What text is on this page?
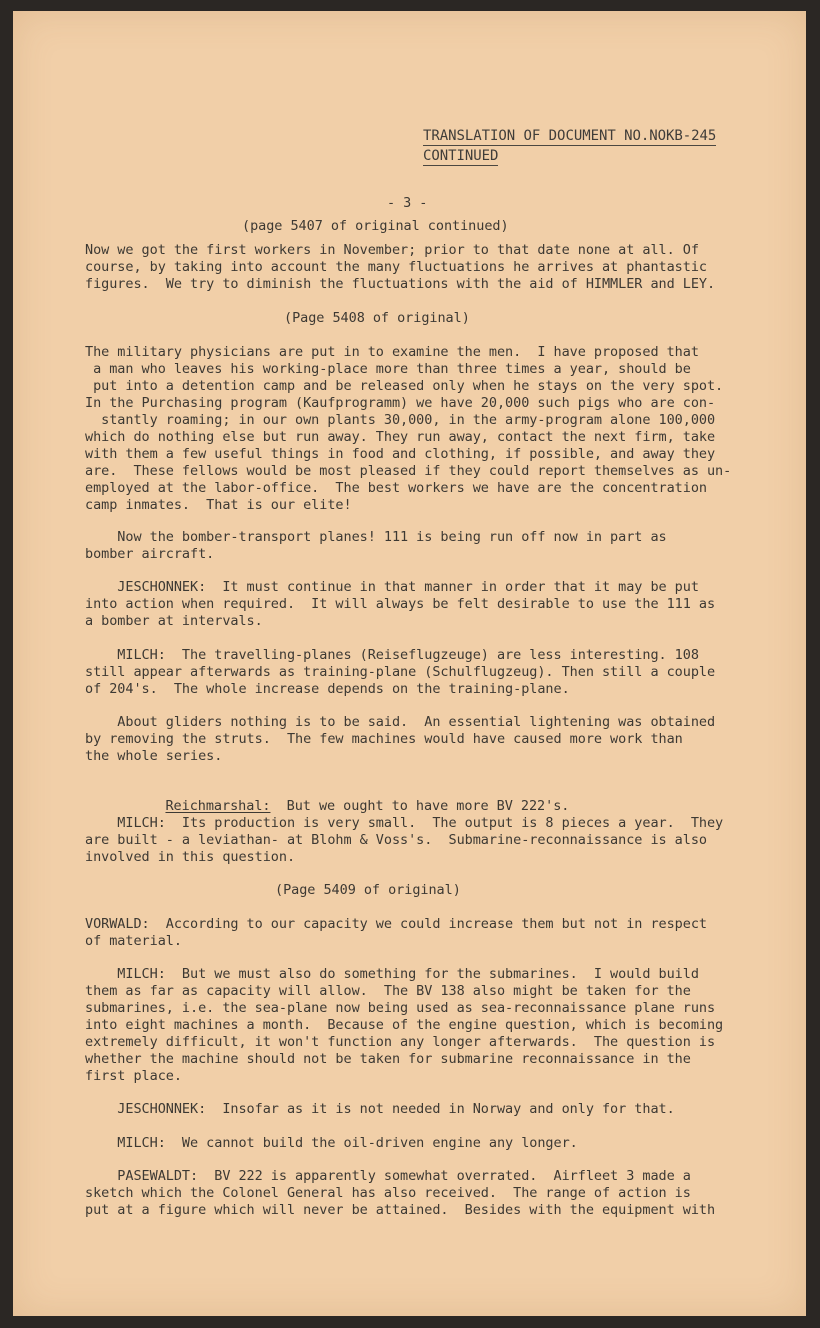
TRANSLATION OF DOCUMENT NO.NOKB-245
CONTINUED
- 3 -
(page 5407 of original continued)
Now we got the first workers in November; prior to that date none at all. Of
course, by taking into account the many fluctuations he arrives at phantastic
figures.  We try to diminish the fluctuations with the aid of HIMMLER and LEY.
(Page 5408 of original)
The military physicians are put in to examine the men.  I have proposed that
a man who leaves his working-place more than three times a year, should be
put into a detention camp and be released only when he stays on the very spot.
In the Purchasing program (Kaufprogramm) we have 20,000 such pigs who are con-
stantly roaming; in our own plants 30,000, in the army-program alone 100,000
which do nothing else but run away. They run away, contact the next firm, take
with them a few useful things in food and clothing, if possible, and away they
are.  These fellows would be most pleased if they could report themselves as un-
employed at the labor-office.  The best workers we have are the concentration
camp inmates.  That is our elite!
Now the bomber-transport planes! 111 is being run off now in part as
bomber aircraft.
JESCHONNEK:  It must continue in that manner in order that it may be put
into action when required.  It will always be felt desirable to use the 111 as
a bomber at intervals.
MILCH:  The travelling-planes (Reiseflugzeuge) are less interesting. 108
still appear afterwards as training-plane (Schulflugzeug). Then still a couple
of 204's.  The whole increase depends on the training-plane.
About gliders nothing is to be said.  An essential lightening was obtained
by removing the struts.  The few machines would have caused more work than
the whole series.

Reichmarshal:  But we ought to have more BV 222's.

MILCH:  Its production is very small.  The output is 8 pieces a year.  They
are built - a leviathan- at Blohm & Voss's.  Submarine-reconnaissance is also
involved in this question.
(Page 5409 of original)
VORWALD:  According to our capacity we could increase them but not in respect
of material.
MILCH:  But we must also do something for the submarines.  I would build
them as far as capacity will allow.  The BV 138 also might be taken for the
submarines, i.e. the sea-plane now being used as sea-reconnaissance plane runs
into eight machines a month.  Because of the engine question, which is becoming
extremely difficult, it won't function any longer afterwards.  The question is
whether the machine should not be taken for submarine reconnaissance in the
first place.
JESCHONNEK:  Insofar as it is not needed in Norway and only for that.
MILCH:  We cannot build the oil-driven engine any longer.
PASEWALDT:  BV 222 is apparently somewhat overrated.  Airfleet 3 made a
sketch which the Colonel General has also received.  The range of action is
put at a figure which will never be attained.  Besides with the equipment with
